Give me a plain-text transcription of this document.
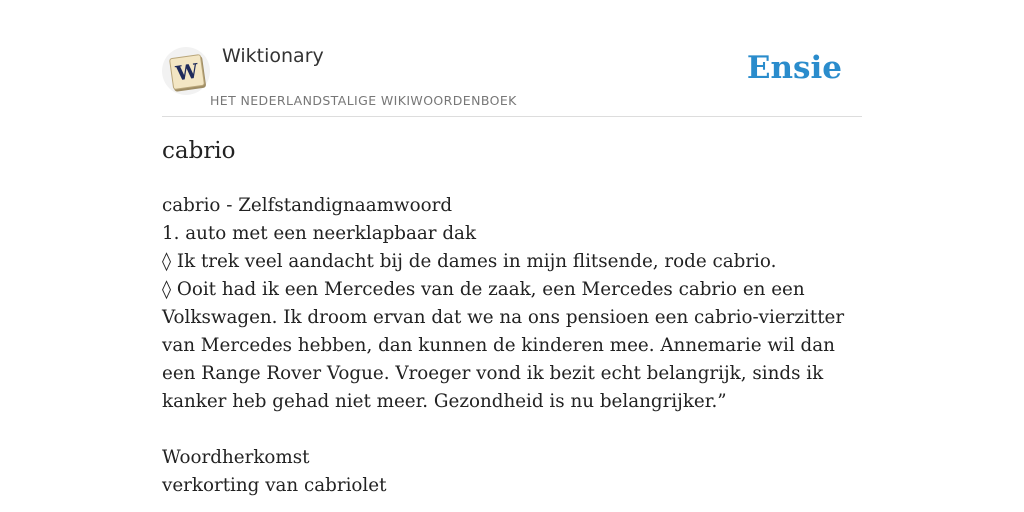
W
Wiktionary
HET NEDERLANDSTALIGE WIKIWOORDENBOEK
Ensie
cabrio
cabrio - Zelfstandignaamwoord
1. auto met een neerklapbaar dak
◊ Ik trek veel aandacht bij de dames in mijn flitsende, rode cabrio.
◊ Ooit had ik een Mercedes van de zaak, een Mercedes cabrio en een Volkswagen. Ik droom ervan dat we na ons pensioen een cabrio-vierzitter van Mercedes hebben, dan kunnen de kinderen mee. Annemarie wil dan een Range Rover Vogue. Vroeger vond ik bezit echt belangrijk, sinds ik kanker heb gehad niet meer. Gezondheid is nu belangrijker.”
Woordherkomst
verkorting van cabriolet
